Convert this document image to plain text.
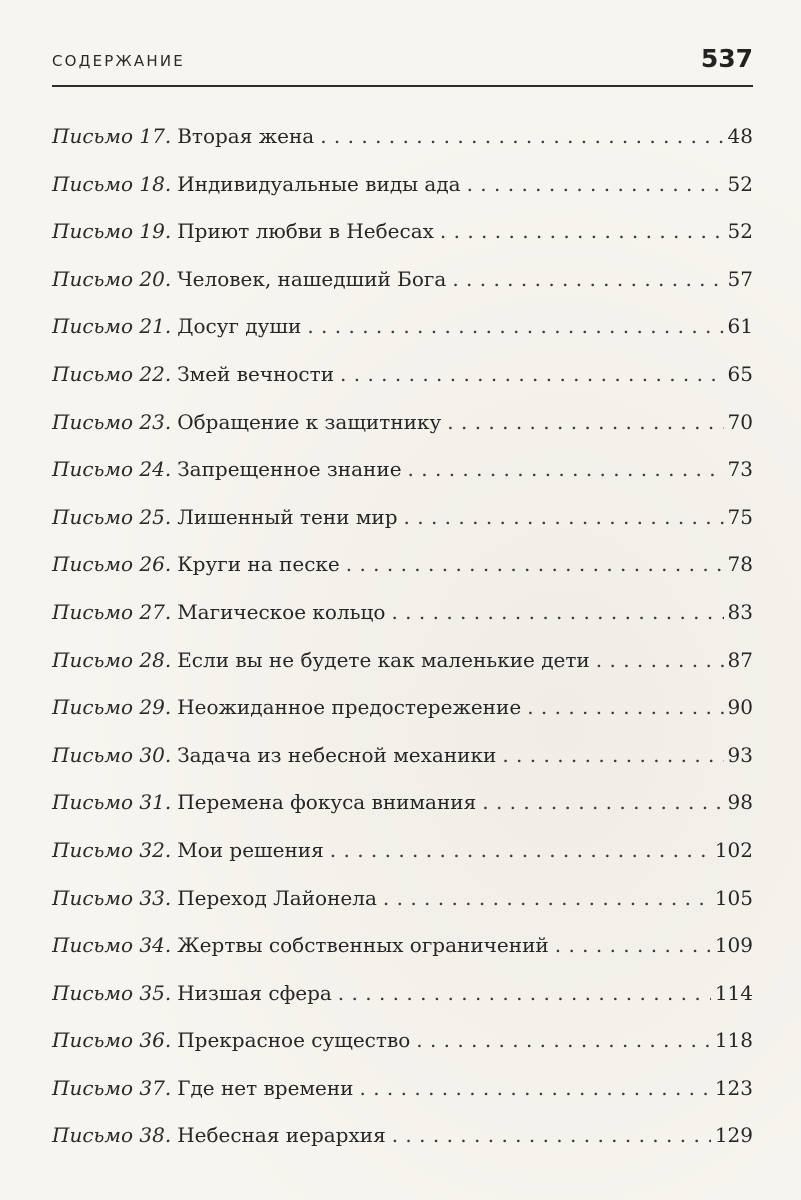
СОДЕРЖАНИЕ	537
Письмо 17. Вторая жена . . .	48
Письмо 18. Индивидуальные виды ада . . .	52
Письмо 19. Приют любви в Небесах . . .	52
Письмо 20. Человек, нашедший Бога . . .	57
Письмо 21. Досуг души . . .	61
Письмо 22. Змей вечности . . .	65
Письмо 23. Обращение к защитнику . . .	70
Письмо 24. Запрещенное знание . . .	73
Письмо 25. Лишенный тени мир . . .	75
Письмо 26. Круги на песке . . .	78
Письмо 27. Магическое кольцо . . .	83
Письмо 28. Если вы не будете как маленькие дети . . .	87
Письмо 29. Неожиданное предостережение . . .	90
Письмо 30. Задача из небесной механики . . .	93
Письмо 31. Перемена фокуса внимания . . .	98
Письмо 32. Мои решения . . .	102
Письмо 33. Переход Лайонела . . .	105
Письмо 34. Жертвы собственных ограничений . . .	109
Письмо 35. Низшая сфера . . .	114
Письмо 36. Прекрасное существо . . .	118
Письмо 37. Где нет времени . . .	123
Письмо 38. Небесная иерархия . . .	129
